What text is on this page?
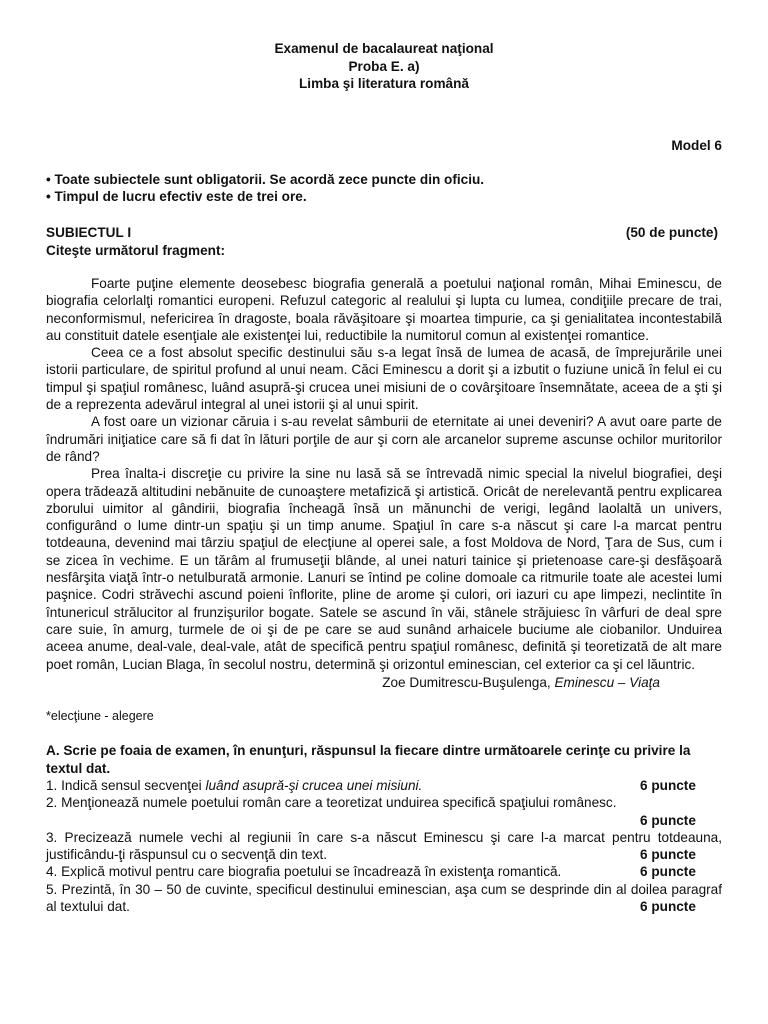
Examenul de bacalaureat naţional
Proba E. a)
Limba şi literatura română
Model 6
• Toate subiectele sunt obligatorii. Se acordă zece puncte din oficiu.
• Timpul de lucru efectiv este de trei ore.
SUBIECTUL I	(50 de puncte)
Citeşte următorul fragment:

Foarte puţine elemente deosebesc biografia generală a poetului naţional român, Mihai Eminescu, de biografia celorlalţi romantici europeni. Refuzul categoric al realului şi lupta cu lumea, condiţiile precare de trai, neconformismul, nefericirea în dragoste, boala răvăşitoare şi moartea timpurie, ca şi genialitatea incontestabilă au constituit datele esenţiale ale existenţei lui, reductibile la numitorul comun al existenţei romantice.

Ceea ce a fost absolut specific destinului său s-a legat însă de lumea de acasă, de împrejurările unei istorii particulare, de spiritul profund al unui neam. Căci Eminescu a dorit şi a izbutit o fuziune unică în felul ei cu timpul şi spaţiul românesc, luând asupră-şi crucea unei misiuni de o covârşitoare însemnătate, aceea de a şti şi de a reprezenta adevărul integral al unei istorii şi al unui spirit.

A fost oare un vizionar căruia i s-au revelat sâmburii de eternitate ai unei deveniri? A avut oare parte de îndrumări iniţiatice care să fi dat în lături porţile de aur şi corn ale arcanelor supreme ascunse ochilor muritorilor de rând?

Prea înalta-i discreţie cu privire la sine nu lasă să se întrevadă nimic special la nivelul biografiei, deşi opera trădează altitudini nebănuite de cunoaştere metafizică şi artistică. Oricât de nerelevantă pentru explicarea zborului uimitor al gândirii, biografia încheagă însă un mănunchi de verigi, legând laolaltă un univers, configurând o lume dintr-un spaţiu şi un timp anume. Spaţiul în care s-a născut şi care l-a marcat pentru totdeauna, devenind mai târziu spaţiul de elecţiune al operei sale, a fost Moldova de Nord, Ţara de Sus, cum i se zicea în vechime. E un tărâm al frumuseţii blânde, al unei naturi tainice şi prietenoase care-şi desfăşoară nesfârşita viaţă într-o netulburată armonie. Lanuri se întind pe coline domoale ca ritmurile toate ale acestei lumi paşnice. Codri străvechi ascund poieni înflorite, pline de arome şi culori, ori iazuri cu ape limpezi, neclintite în întunericul strălucitor al frunzişurilor bogate. Satele se ascund în văi, stânele străjuiesc în vârfuri de deal spre care suie, în amurg, turmele de oi şi de pe care se aud sunând arhaicele buciume ale ciobanilor. Unduirea aceea anume, deal-vale, deal-vale, atât de specifică pentru spaţiul românesc, definită şi teoretizată de alt mare poet român, Lucian Blaga, în secolul nostru, determină şi orizontul eminescian, cel exterior ca şi cel lăuntric.

Zoe Dumitrescu-Buşulenga, Eminescu – Viaţa
*elecţiune - alegere
A. Scrie pe foaia de examen, în enunţuri, răspunsul la fiecare dintre următoarele cerinţe cu privire la textul dat.
1. Indică sensul secvenţei luând asupră-şi crucea unei misiuni.	6 puncte
2. Menţionează numele poetului român care a teoretizat unduirea specifică spaţiului românesc.
6 puncte
3. Precizează numele vechi al regiunii în care s-a născut Eminescu şi care l-a marcat pentru totdeauna, justificându-ţi răspunsul cu o secvenţă din text.	6 puncte
4. Explică motivul pentru care biografia poetului se încadrează în existenţa romantică.	6 puncte
5. Prezintă, în 30 – 50 de cuvinte, specificul destinului eminescian, aşa cum se desprinde din al doilea paragraf al textului dat.	6 puncte
